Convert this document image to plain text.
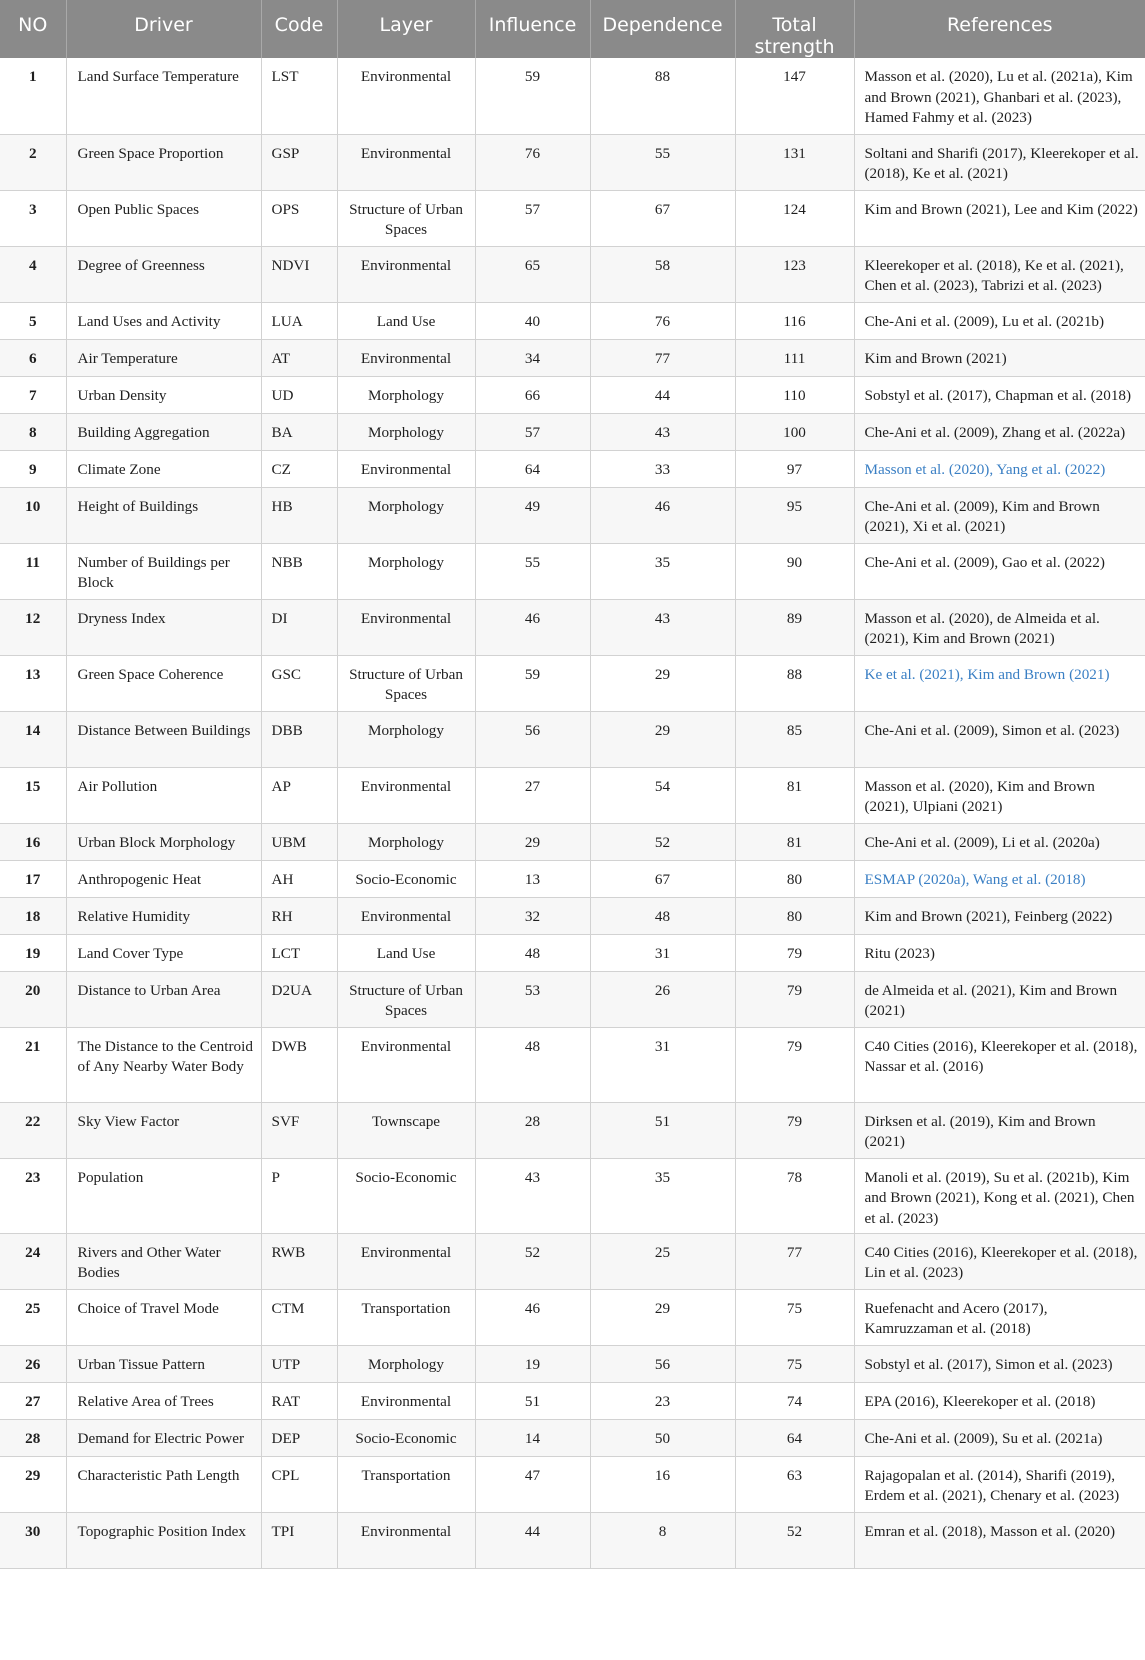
NO	Driver	Code	Layer	Influence	Dependence	Total strength	References
1	Land Surface Temperature	LST	Environmental	59	88	147	Masson et al. (2020), Lu et al. (2021a), Kim and Brown (2021), Ghanbari et al. (2023), Hamed Fahmy et al. (2023)
2	Green Space Proportion	GSP	Environmental	76	55	131	Soltani and Sharifi (2017), Kleerekoper et al. (2018), Ke et al. (2021)
3	Open Public Spaces	OPS	Structure of Urban Spaces	57	67	124	Kim and Brown (2021), Lee and Kim (2022)
4	Degree of Greenness	NDVI	Environmental	65	58	123	Kleerekoper et al. (2018), Ke et al. (2021), Chen et al. (2023), Tabrizi et al. (2023)
5	Land Uses and Activity	LUA	Land Use	40	76	116	Che-Ani et al. (2009), Lu et al. (2021b)
6	Air Temperature	AT	Environmental	34	77	111	Kim and Brown (2021)
7	Urban Density	UD	Morphology	66	44	110	Sobstyl et al. (2017), Chapman et al. (2018)
8	Building Aggregation	BA	Morphology	57	43	100	Che-Ani et al. (2009), Zhang et al. (2022a)
9	Climate Zone	CZ	Environmental	64	33	97	Masson et al. (2020), Yang et al. (2022)
10	Height of Buildings	HB	Morphology	49	46	95	Che-Ani et al. (2009), Kim and Brown (2021), Xi et al. (2021)
11	Number of Buildings per Block	NBB	Morphology	55	35	90	Che-Ani et al. (2009), Gao et al. (2022)
12	Dryness Index	DI	Environmental	46	43	89	Masson et al. (2020), de Almeida et al. (2021), Kim and Brown (2021)
13	Green Space Coherence	GSC	Structure of Urban Spaces	59	29	88	Ke et al. (2021), Kim and Brown (2021)
14	Distance Between Buildings	DBB	Morphology	56	29	85	Che-Ani et al. (2009), Simon et al. (2023)
15	Air Pollution	AP	Environmental	27	54	81	Masson et al. (2020), Kim and Brown (2021), Ulpiani (2021)
16	Urban Block Morphology	UBM	Morphology	29	52	81	Che-Ani et al. (2009), Li et al. (2020a)
17	Anthropogenic Heat	AH	Socio-Economic	13	67	80	ESMAP (2020a), Wang et al. (2018)
18	Relative Humidity	RH	Environmental	32	48	80	Kim and Brown (2021), Feinberg (2022)
19	Land Cover Type	LCT	Land Use	48	31	79	Ritu (2023)
20	Distance to Urban Area	D2UA	Structure of Urban Spaces	53	26	79	de Almeida et al. (2021), Kim and Brown (2021)
21	The Distance to the Centroid of Any Nearby Water Body	DWB	Environmental	48	31	79	C40 Cities (2016), Kleerekoper et al. (2018), Nassar et al. (2016)
22	Sky View Factor	SVF	Townscape	28	51	79	Dirksen et al. (2019), Kim and Brown (2021)
23	Population	P	Socio-Economic	43	35	78	Manoli et al. (2019), Su et al. (2021b), Kim and Brown (2021), Kong et al. (2021), Chen et al. (2023)
24	Rivers and Other Water Bodies	RWB	Environmental	52	25	77	C40 Cities (2016), Kleerekoper et al. (2018), Lin et al. (2023)
25	Choice of Travel Mode	CTM	Transportation	46	29	75	Ruefenacht and Acero (2017), Kamruzzaman et al. (2018)
26	Urban Tissue Pattern	UTP	Morphology	19	56	75	Sobstyl et al. (2017), Simon et al. (2023)
27	Relative Area of Trees	RAT	Environmental	51	23	74	EPA (2016), Kleerekoper et al. (2018)
28	Demand for Electric Power	DEP	Socio-Economic	14	50	64	Che-Ani et al. (2009), Su et al. (2021a)
29	Characteristic Path Length	CPL	Transportation	47	16	63	Rajagopalan et al. (2014), Sharifi (2019), Erdem et al. (2021), Chenary et al. (2023)
30	Topographic Position Index	TPI	Environmental	44	8	52	Emran et al. (2018), Masson et al. (2020)
